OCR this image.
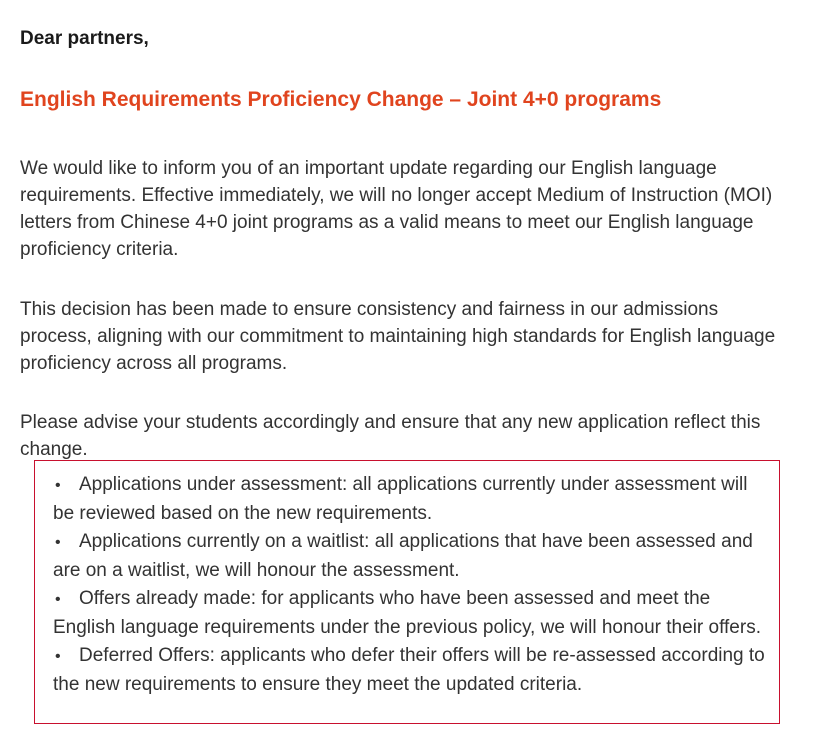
Dear partners,
English Requirements Proficiency Change – Joint 4+0 programs

We would like to inform you of an important update regarding our English language requirements. Effective immediately, we will no longer accept Medium of Instruction (MOI) letters from Chinese 4+0 joint programs as a valid means to meet our English language proficiency criteria.

This decision has been made to ensure consistency and fairness in our admissions process, aligning with our commitment to maintaining high standards for English language proficiency across all programs.

Please advise your students accordingly and ensure that any new application reflect this change.

• Applications under assessment: all applications currently under assessment will be reviewed based on the new requirements.
• Applications currently on a waitlist: all applications that have been assessed and are on a waitlist, we will honour the assessment.
• Offers already made: for applicants who have been assessed and meet the English language requirements under the previous policy, we will honour their offers.
• Deferred Offers: applicants who defer their offers will be re-assessed according to the new requirements to ensure they meet the updated criteria.
